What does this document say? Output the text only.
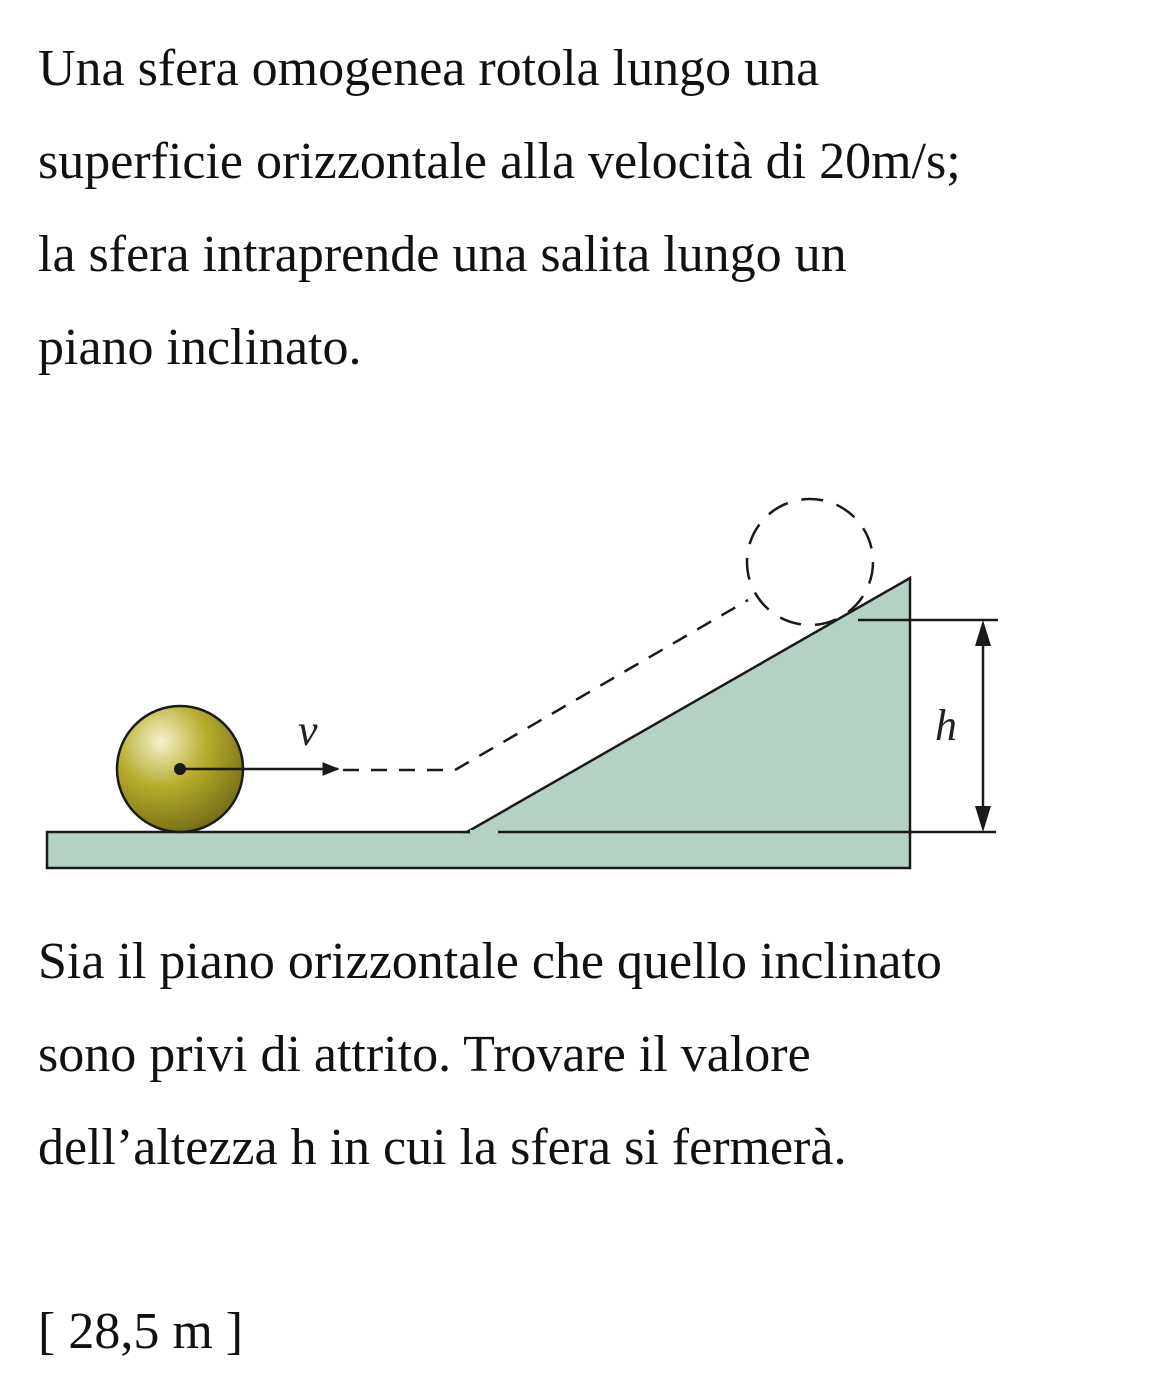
Una sfera omogenea rotola lungo una
superficie orizzontale alla velocità di 20m/s;
la sfera intraprende una salita lungo un
piano inclinato.
h
v
Sia il piano orizzontale che quello inclinato
sono privi di attrito. Trovare il valore
dell’altezza h in cui la sfera si fermerà.
[ 28,5 m ]
